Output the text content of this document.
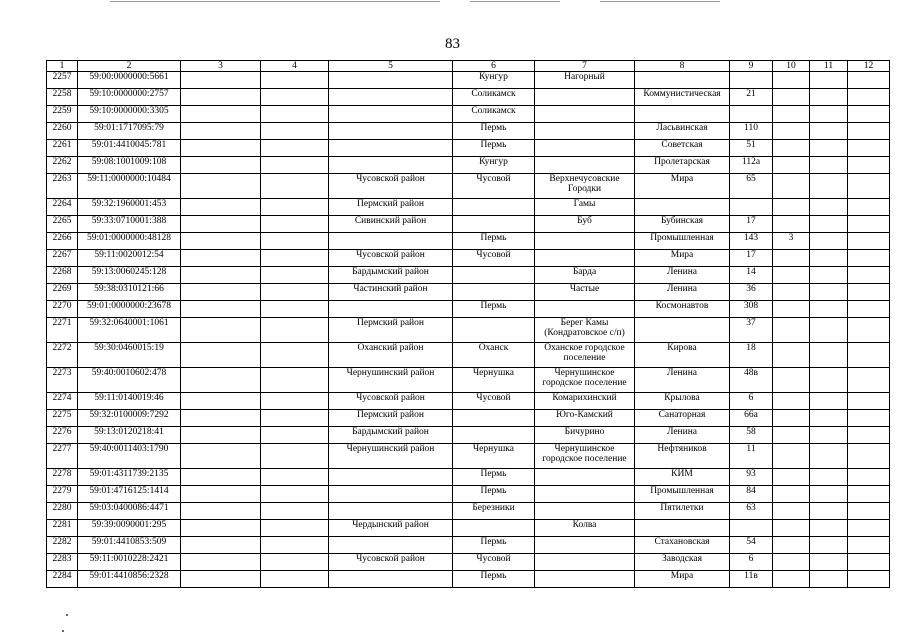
83
1	2	3	4	5	6	7	8	9	10	11	12
2257	59:00:0000000:5661				Кунгур	Нагорный					
2258	59:10:0000000:2757				Соликамск		Коммунистическая	21			
2259	59:10:0000000:3305				Соликамск						
2260	59:01:1717095:79				Пермь		Ласьвинская	110			
2261	59:01:4410045:781				Пермь		Советская	51			
2262	59:08:1001009:108				Кунгур		Пролетарская	112а			
2263	59:11:0000000:10484			Чусовской район	Чусовой	Верхнечусовские Городки	Мира	65			
2264	59:32:1960001:453			Пермский район		Гамы					
2265	59:33:0710001:388			Сивинский район		Буб	Бубинская	17			
2266	59:01:0000000:48128				Пермь		Промышленная	143	3		
2267	59:11:0020012:54			Чусовской район	Чусовой		Мира	17			
2268	59:13:0060245:128			Бардымский район		Барда	Ленина	14			
2269	59:38:0310121:66			Частинский район		Частые	Ленина	36			
2270	59:01:0000000:23678				Пермь		Космонавтов	308			
2271	59:32:0640001:1061			Пермский район		Берег Камы (Кондратовское с/п)		37			
2272	59:30:0460015:19			Оханский район	Оханск	Оханское городское поселение	Кирова	18			
2273	59:40:0010602:478			Чернушинский район	Чернушка	Чернушинское городское поселение	Ленина	48в			
2274	59:11:0140019:46			Чусовской район	Чусовой	Комарихинский	Крылова	6			
2275	59:32:0100009:7292			Пермский район		Юго-Камский	Санаторная	66а			
2276	59:13:0120218:41			Бардымский район		Бичурино	Ленина	58			
2277	59:40:0011403:1790			Чернушинский район	Чернушка	Чернушинское городское поселение	Нефтяников	11			
2278	59:01:4311739:2135				Пермь		КИМ	93			
2279	59:01:4716125:1414				Пермь		Промышленная	84			
2280	59:03:0400086:4471				Березники		Пятилетки	63			
2281	59:39:0090001:295			Чердынский район		Колва					
2282	59:01:4410853:509				Пермь		Стахановская	54			
2283	59:11:0010228:2421			Чусовской район	Чусовой		Заводская	6			
2284	59:01:4410856:2328				Пермь		Мира	11в			
